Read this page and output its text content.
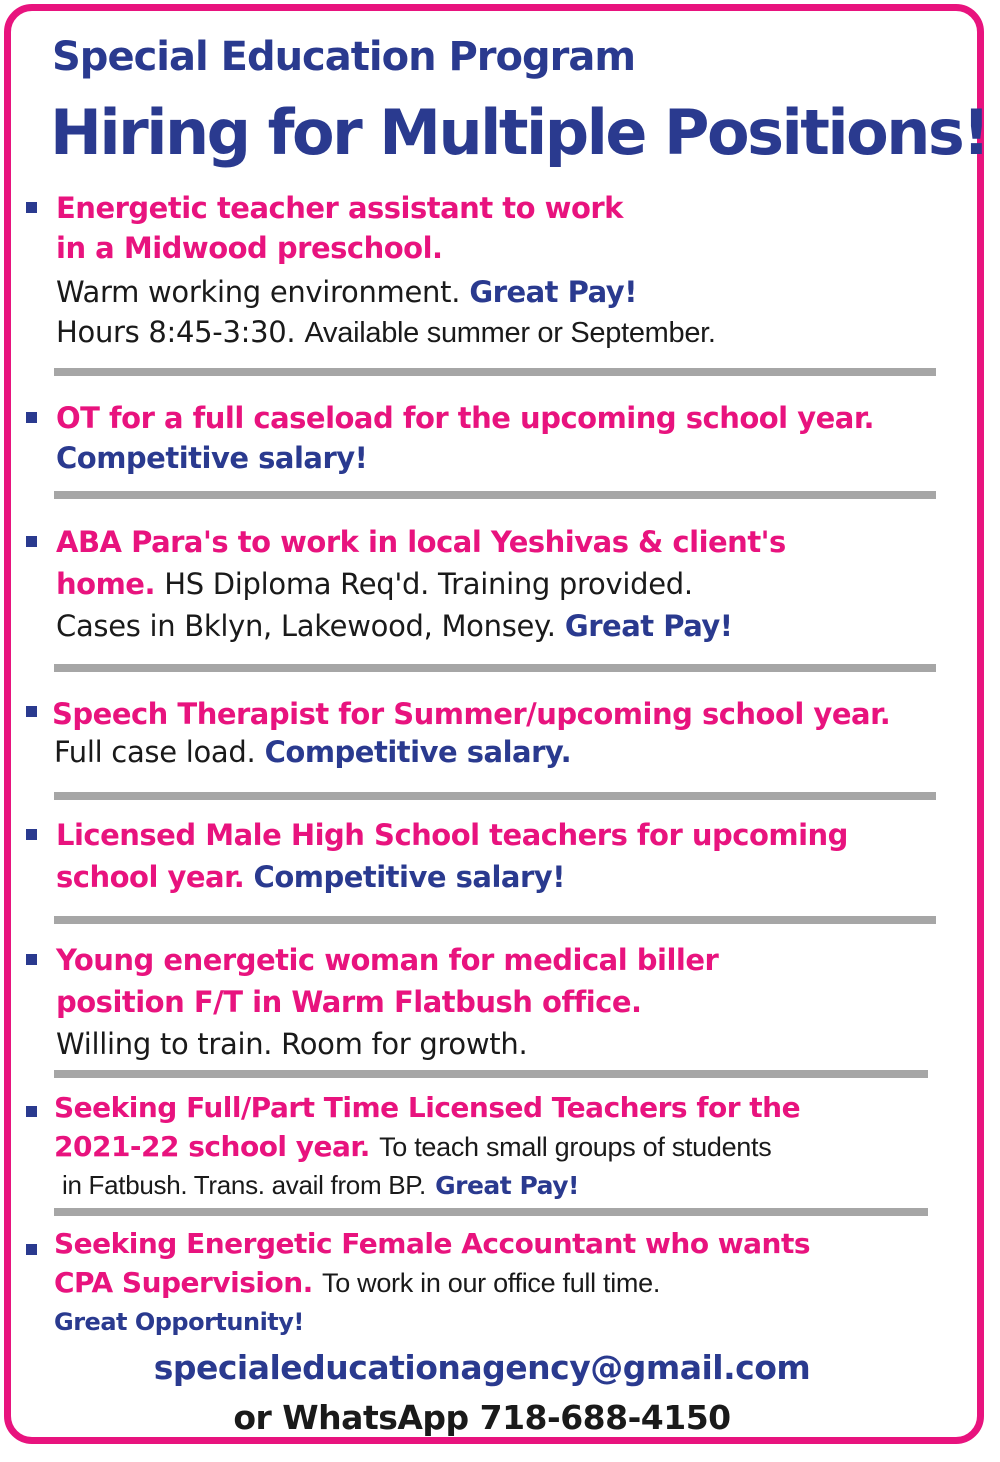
Special Education Program
Hiring for Multiple Positions!
Energetic teacher assistant to work
in a Midwood preschool.
Warm working environment. Great Pay!
Hours 8:45-3:30. Available summer or September.
OT for a full caseload for the upcoming school year.
Competitive salary!
ABA Para's to work in local Yeshivas & client's
home. HS Diploma Req'd. Training provided.
Cases in Bklyn, Lakewood, Monsey. Great Pay!
Speech Therapist for Summer/upcoming school year.
Full case load. Competitive salary.
Licensed Male High School teachers for upcoming
school year. Competitive salary!
Young energetic woman for medical biller
position F/T in Warm Flatbush office.
Willing to train. Room for growth.
Seeking Full/Part Time Licensed Teachers for the
2021-22 school year. To teach small groups of students
in Fatbush. Trans. avail from BP. Great Pay!
Seeking Energetic Female Accountant who wants
CPA Supervision. To work in our office full time.
Great Opportunity!
specialeducationagency@gmail.com
or WhatsApp 718-688-4150
